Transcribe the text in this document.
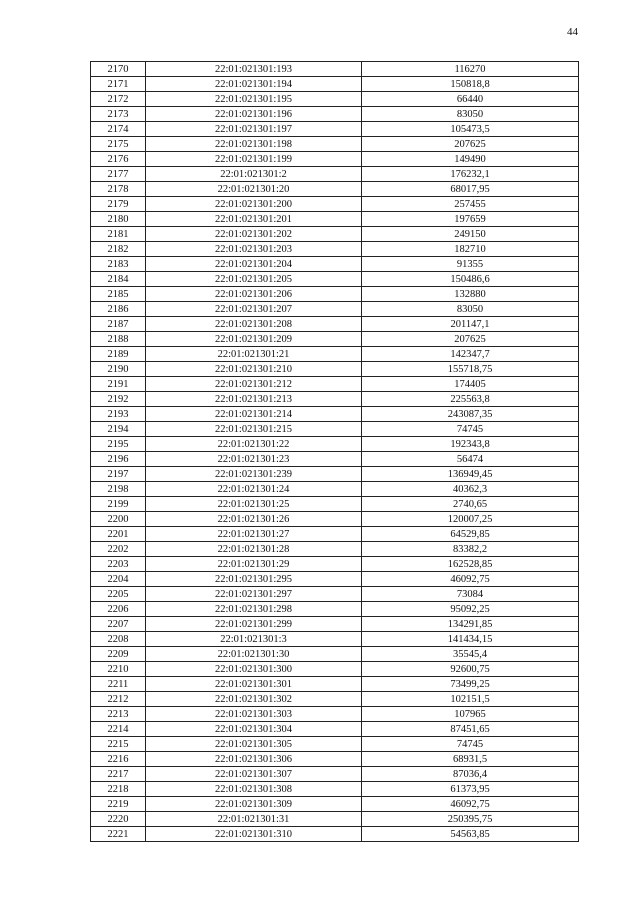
44
2170	22:01:021301:193	116270
2171	22:01:021301:194	150818,8
2172	22:01:021301:195	66440
2173	22:01:021301:196	83050
2174	22:01:021301:197	105473,5
2175	22:01:021301:198	207625
2176	22:01:021301:199	149490
2177	22:01:021301:2	176232,1
2178	22:01:021301:20	68017,95
2179	22:01:021301:200	257455
2180	22:01:021301:201	197659
2181	22:01:021301:202	249150
2182	22:01:021301:203	182710
2183	22:01:021301:204	91355
2184	22:01:021301:205	150486,6
2185	22:01:021301:206	132880
2186	22:01:021301:207	83050
2187	22:01:021301:208	201147,1
2188	22:01:021301:209	207625
2189	22:01:021301:21	142347,7
2190	22:01:021301:210	155718,75
2191	22:01:021301:212	174405
2192	22:01:021301:213	225563,8
2193	22:01:021301:214	243087,35
2194	22:01:021301:215	74745
2195	22:01:021301:22	192343,8
2196	22:01:021301:23	56474
2197	22:01:021301:239	136949,45
2198	22:01:021301:24	40362,3
2199	22:01:021301:25	2740,65
2200	22:01:021301:26	120007,25
2201	22:01:021301:27	64529,85
2202	22:01:021301:28	83382,2
2203	22:01:021301:29	162528,85
2204	22:01:021301:295	46092,75
2205	22:01:021301:297	73084
2206	22:01:021301:298	95092,25
2207	22:01:021301:299	134291,85
2208	22:01:021301:3	141434,15
2209	22:01:021301:30	35545,4
2210	22:01:021301:300	92600,75
2211	22:01:021301:301	73499,25
2212	22:01:021301:302	102151,5
2213	22:01:021301:303	107965
2214	22:01:021301:304	87451,65
2215	22:01:021301:305	74745
2216	22:01:021301:306	68931,5
2217	22:01:021301:307	87036,4
2218	22:01:021301:308	61373,95
2219	22:01:021301:309	46092,75
2220	22:01:021301:31	250395,75
2221	22:01:021301:310	54563,85
